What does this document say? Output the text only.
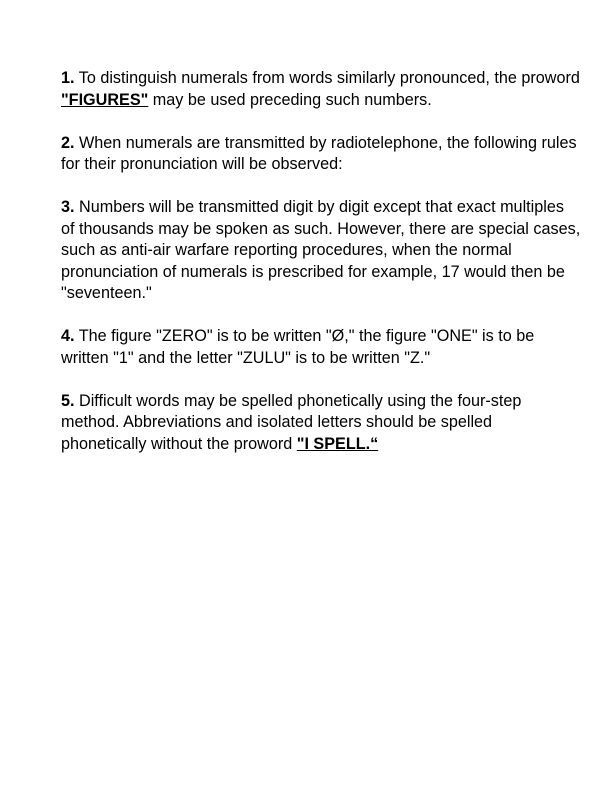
1. To distinguish numerals from words similarly pronounced, the proword "FIGURES" may be used preceding such numbers.

2. When numerals are transmitted by radiotelephone, the following rules for their pronunciation will be observed:

3. Numbers will be transmitted digit by digit except that exact multiples of thousands may be spoken as such. However, there are special cases, such as anti-air warfare reporting procedures, when the normal pronunciation of numerals is prescribed for example, 17 would then be "seventeen."

4. The figure "ZERO" is to be written "Ø," the figure "ONE" is to be written "1" and the letter "ZULU" is to be written "Z."

5. Difficult words may be spelled phonetically using the four-step method. Abbreviations and isolated letters should be spelled phonetically without the proword "I SPELL.“
